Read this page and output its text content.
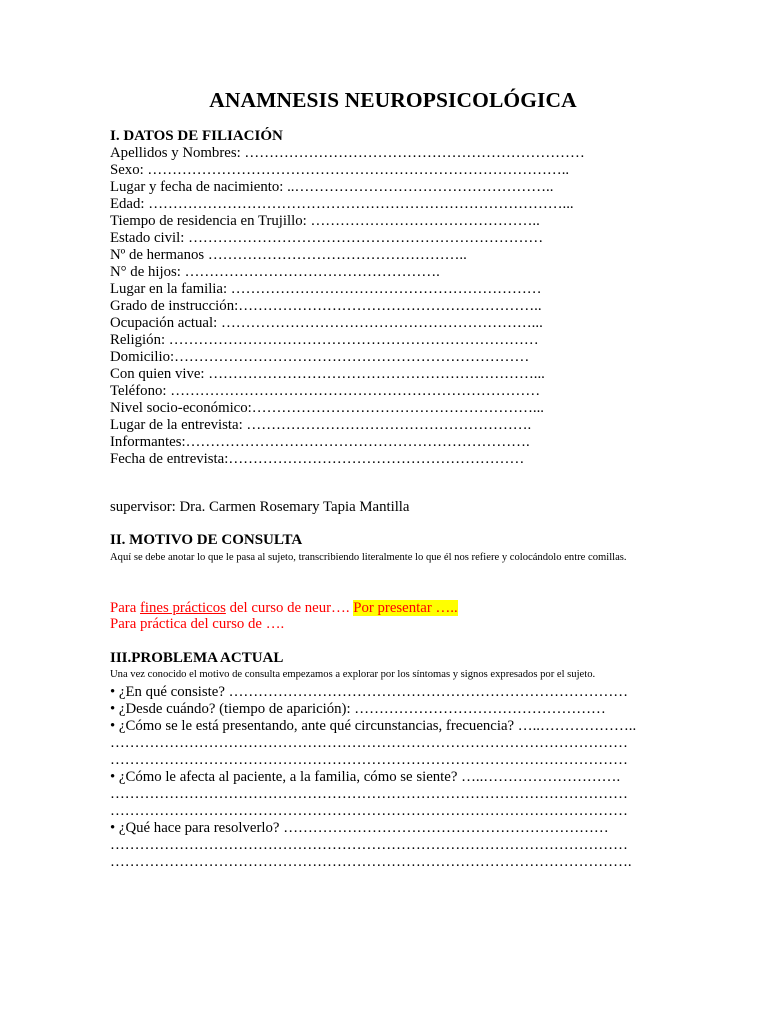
ANAMNESIS NEUROPSICOLÓGICA
I. DATOS DE FILIACIÓN
Apellidos y Nombres: ……………………………………………………………
Sexo: …………………………………………………………………………..
Lugar y fecha de nacimiento: ..……………………………………………..
Edad: …………………………………………………………………………...
Tiempo de residencia en Trujillo: ………………………………………..
Estado civil: ………………………………………………………………
Nº de hermanos ……………………………………………..
N° de hijos: …………………………………………….
Lugar en la familia: ………………………………………………………
Grado de instrucción:……………………………………………………..
Ocupación actual: ………………………………………………………...
Religión: …………………………………………………………………
Domicilio:………………………………………………………………
Con quien vive: …………………………………………………………...
Teléfono: …………………………………………………………………
Nivel socio-económico:…………………………………………………...
Lugar de la entrevista: ………………………………………………….
Informantes:…………………………………………………………….
Fecha de entrevista:……………………………………………………
supervisor: Dra. Carmen Rosemary Tapia Mantilla
II. MOTIVO DE CONSULTA
Aquí se debe anotar lo que le pasa al sujeto, transcribiendo literalmente lo que él nos refiere y colocándolo entre comillas.
Para fines prácticos del curso de neur…. Por presentar …..
Para práctica del curso de ….
III.PROBLEMA ACTUAL
Una vez conocido el motivo de consulta empezamos a explorar por los síntomas y signos expresados por el sujeto.
• ¿En qué consiste? ………………………………………………………………………
• ¿Desde cuándo? (tiempo de aparición): ……………………………………………
• ¿Cómo se le está presentando, ante qué circunstancias, frecuencia? …..………………..
……………………………………………………………………………………………
……………………………………………………………………………………………
• ¿Cómo le afecta al paciente, a la familia, cómo se siente? …..……………………….
……………………………………………………………………………………………
……………………………………………………………………………………………
• ¿Qué hace para resolverlo? …………………………………………………………
……………………………………………………………………………………………
…………………………………………………………………………………………….
